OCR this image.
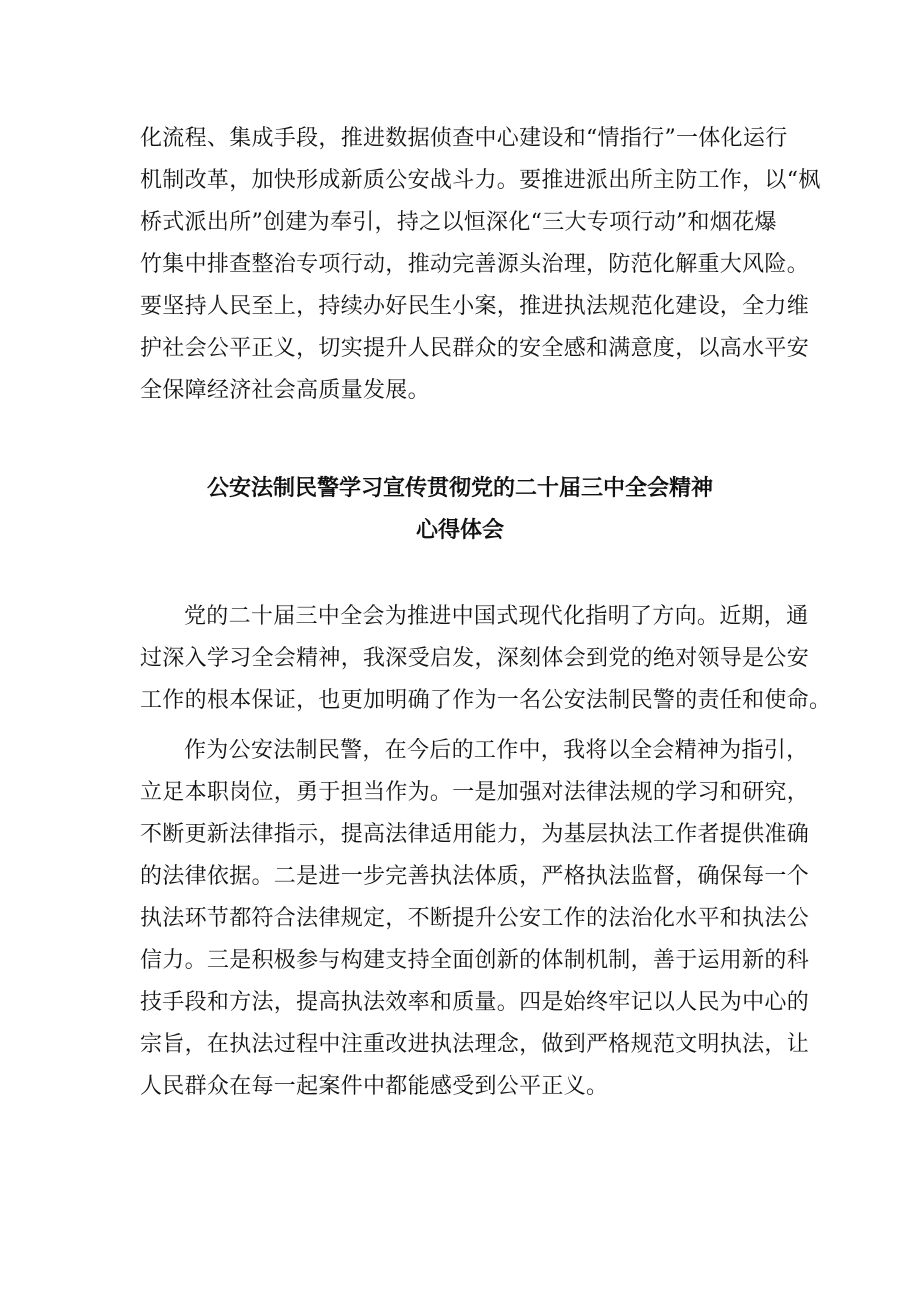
化流程、集成手段，推进数据侦查中心建设和“情指行”一体化运行
机制改革，加快形成新质公安战斗力。要推进派出所主防工作，以“枫
桥式派出所”创建为奉引，持之以恒深化“三大专项行动”和烟花爆
竹集中排查整治专项行动，推动完善源头治理，防范化解重大风险。
要坚持人民至上，持续办好民生小案，推进执法规范化建设，全力维
护社会公平正义，切实提升人民群众的安全感和满意度，以高水平安
全保障经济社会高质量发展。
公安法制民警学习宣传贯彻党的二十届三中全会精神
心得体会
党的二十届三中全会为推进中国式现代化指明了方向。近期，通
过深入学习全会精神，我深受启发，深刻体会到党的绝对领导是公安
工作的根本保证，也更加明确了作为一名公安法制民警的责任和使命。
作为公安法制民警，在今后的工作中，我将以全会精神为指引，
立足本职岗位，勇于担当作为。一是加强对法律法规的学习和研究，
不断更新法律指示，提高法律适用能力，为基层执法工作者提供准确
的法律依据。二是进一步完善执法体质，严格执法监督，确保每一个
执法环节都符合法律规定，不断提升公安工作的法治化水平和执法公
信力。三是积极参与构建支持全面创新的体制机制，善于运用新的科
技手段和方法，提高执法效率和质量。四是始终牢记以人民为中心的
宗旨，在执法过程中注重改进执法理念，做到严格规范文明执法，让
人民群众在每一起案件中都能感受到公平正义。
